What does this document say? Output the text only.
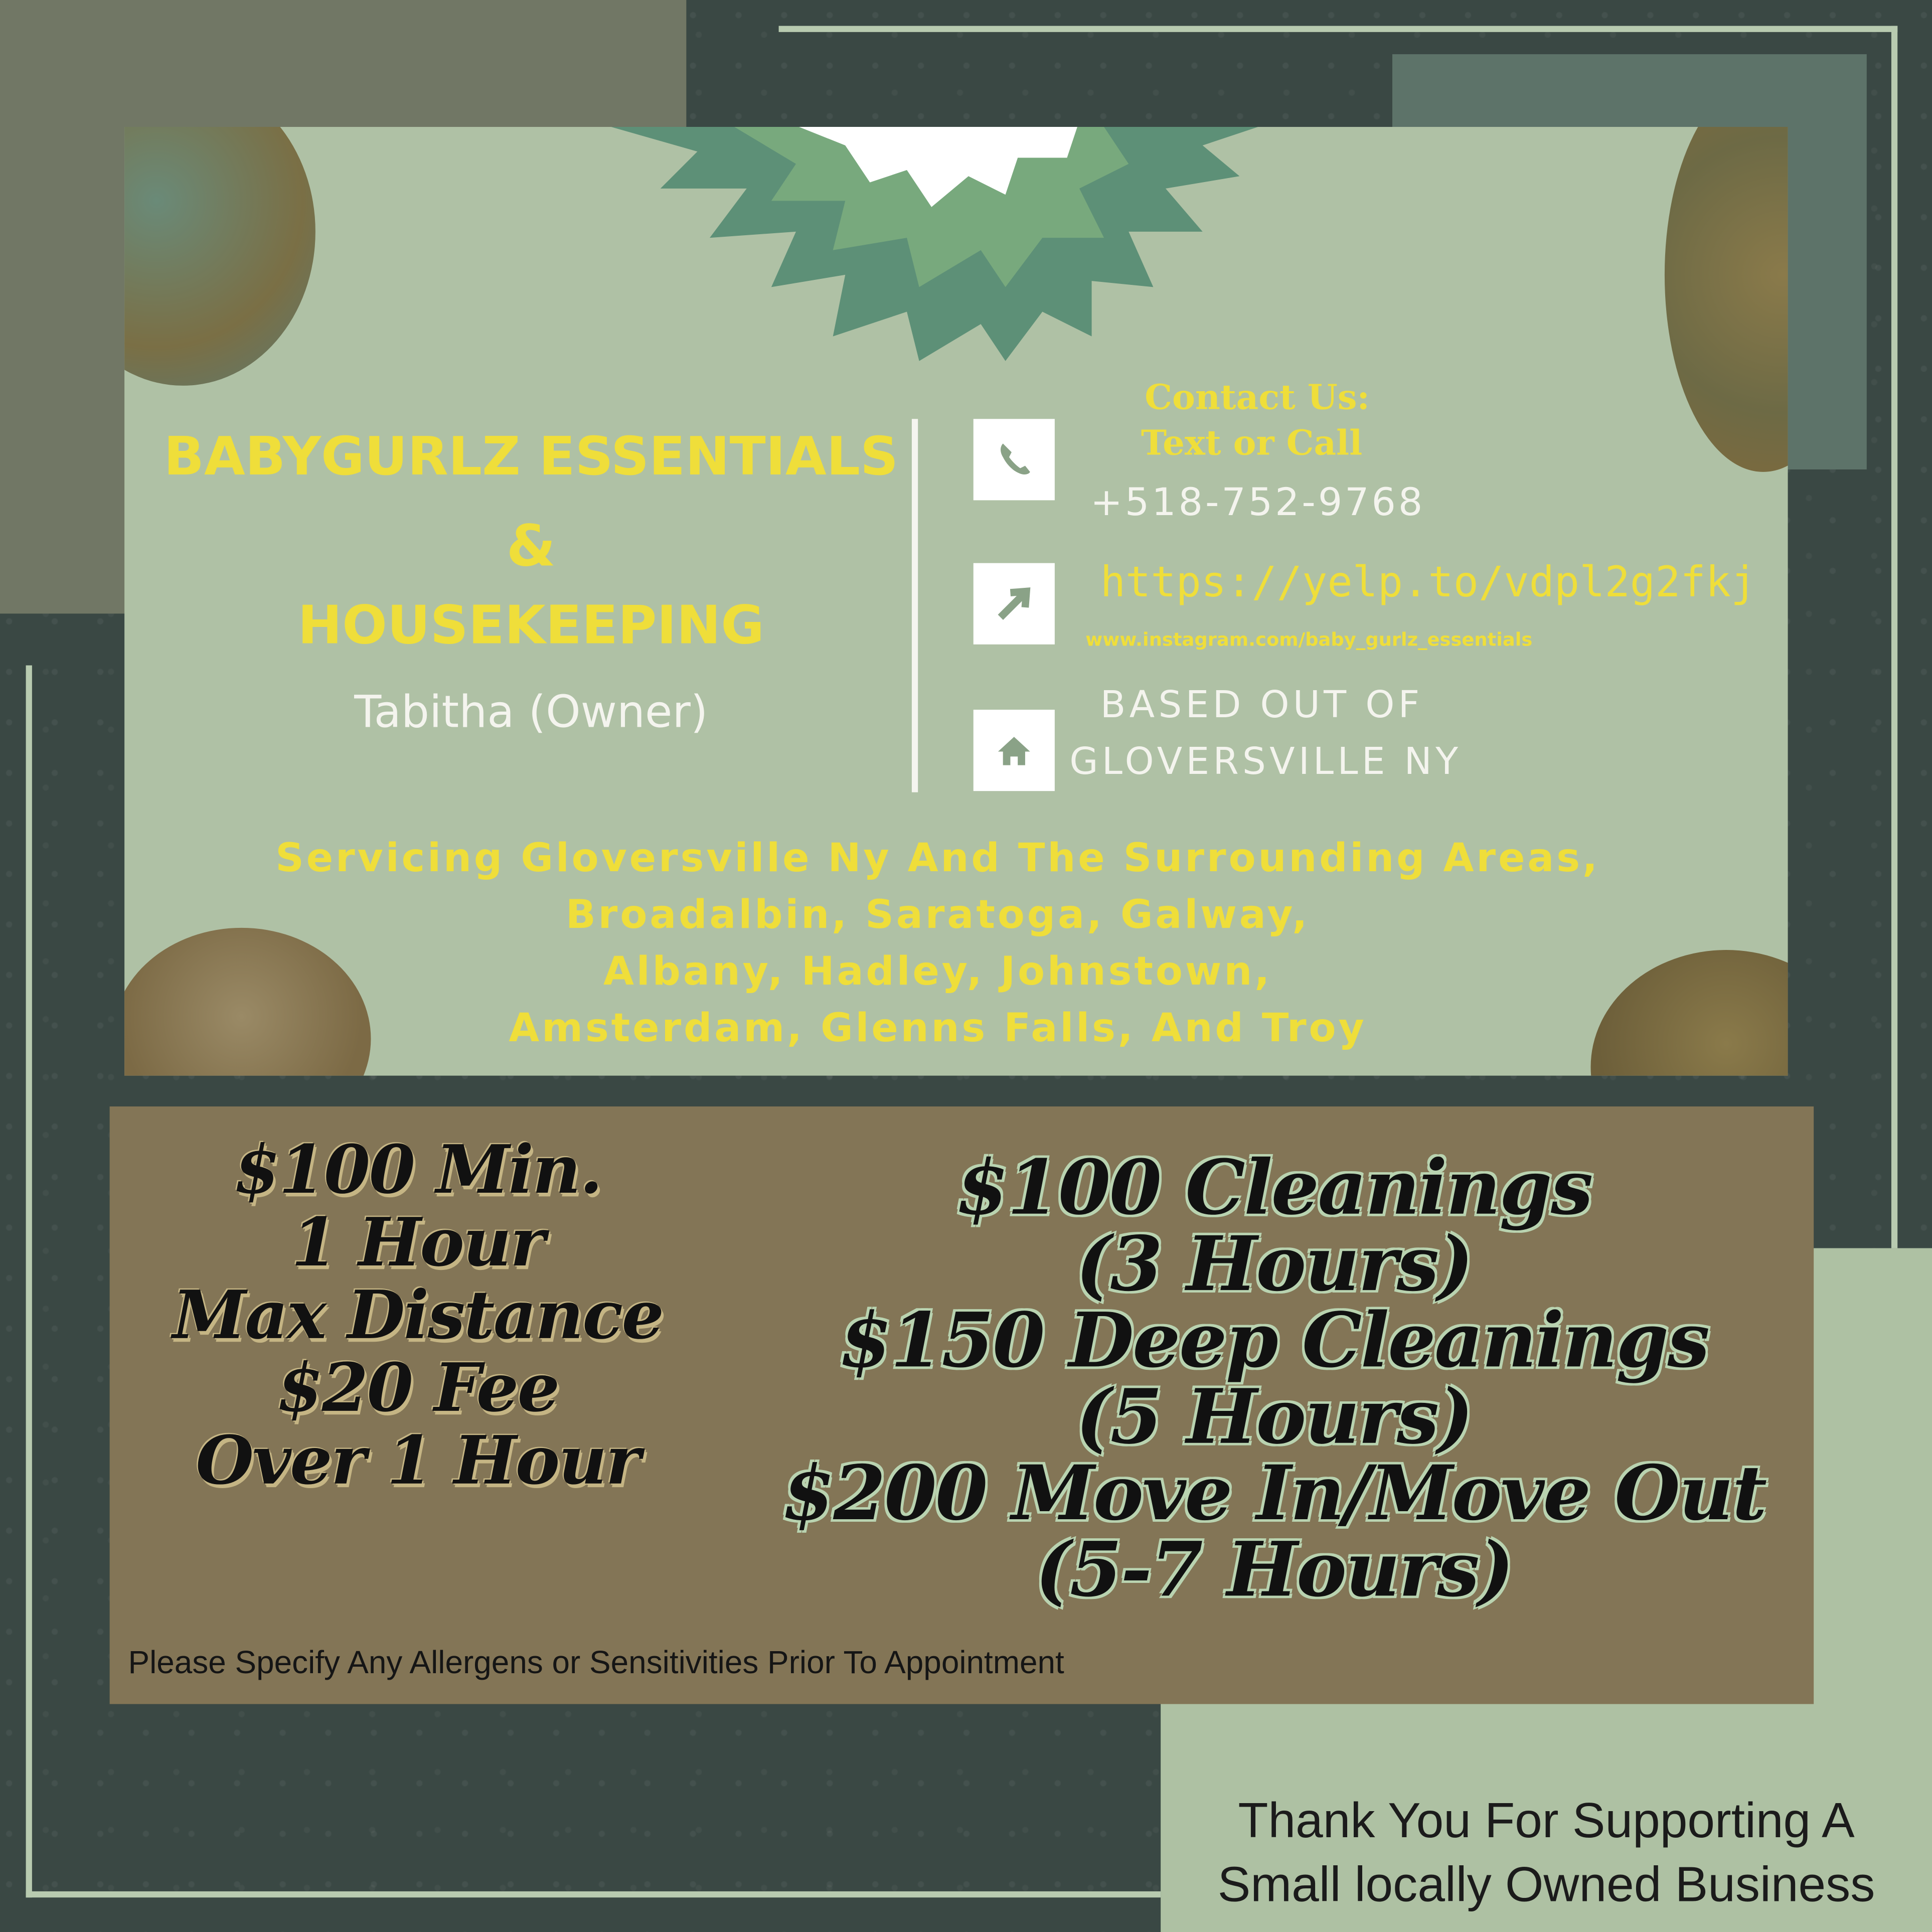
BABYGURLZ ESSENTIALS
&
HOUSEKEEPING
Tabitha (Owner)
Contact Us:
Text or Call
+518-752-9768
https://yelp.to/vdpl2g2fkj
www.instagram.com/baby_gurlz_essentials
BASED OUT OF
GLOVERSVILLE NY
Servicing Gloversville Ny And The Surrounding Areas,
Broadalbin, Saratoga, Galway,
Albany, Hadley, Johnstown,
Amsterdam, Glenns Falls, And Troy
$100 Min.
1 Hour
Max Distance
$20 Fee
Over 1 Hour
$100 Cleanings
(3 Hours)
$150 Deep Cleanings
(5 Hours)
$200 Move In/Move Out
(5-7 Hours)
Please Specify Any Allergens or Sensitivities Prior To Appointment
Thank You For Supporting A
Small locally Owned Business
